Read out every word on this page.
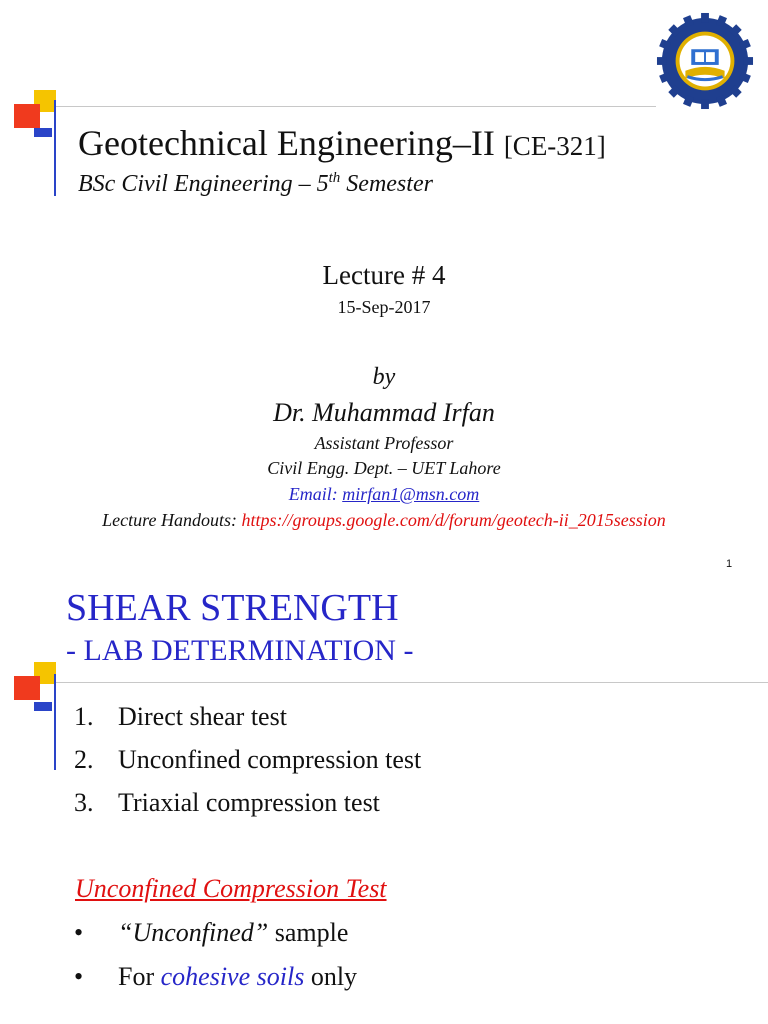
Geotechnical Engineering–II [CE-321]
BSc Civil Engineering – 5th Semester
Lecture # 4
15-Sep-2017
by
Dr. Muhammad Irfan
Assistant Professor
Civil Engg. Dept. – UET Lahore
Email: mirfan1@msn.com
Lecture Handouts: https://groups.google.com/d/forum/geotech-ii_2015session
1
SHEAR STRENGTH
- LAB DETERMINATION -
1. Direct shear test
2. Unconfined compression test
3. Triaxial compression test
Unconfined Compression Test
• “Unconfined” sample
• For cohesive soils only
